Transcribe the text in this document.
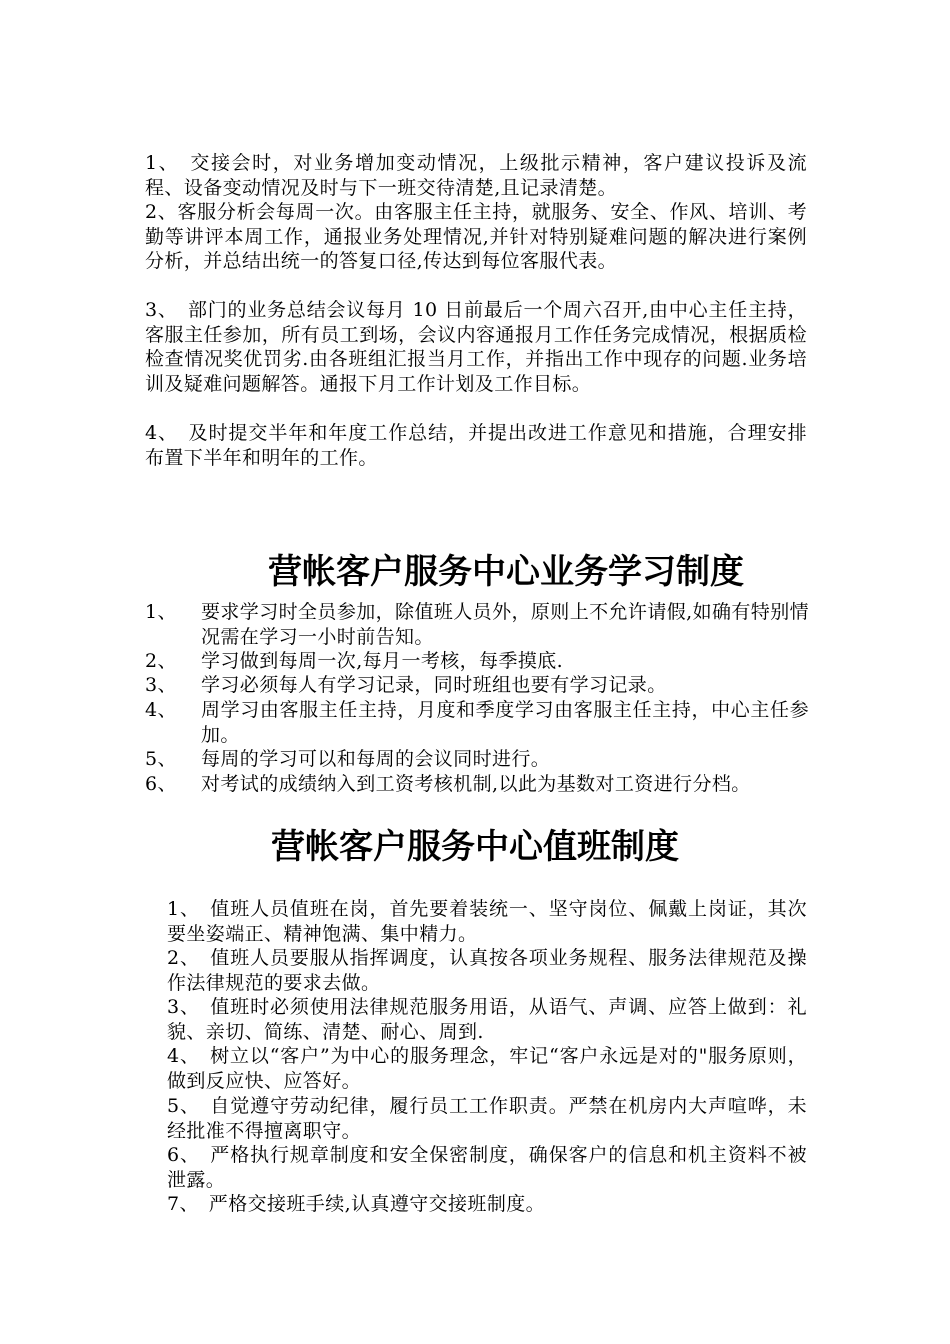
1、　交接会时，对业务增加变动情况，上级批示精神，客户建议投诉及流程、设备变动情况及时与下一班交待清楚,且记录清楚。

2、客服分析会每周一次。由客服主任主持，就服务、安全、作风、培训、考勤等讲评本周工作，通报业务处理情况,并针对特别疑难问题的解决进行案例分析，并总结出统一的答复口径,传达到每位客服代表。

3、　部门的业务总结会议每月 10 日前最后一个周六召开,由中心主任主持，客服主任参加，所有员工到场，会议内容通报月工作任务完成情况，根据质检检查情况奖优罚劣.由各班组汇报当月工作，并指出工作中现存的问题.业务培训及疑难问题解答。通报下月工作计划及工作目标。

4、　及时提交半年和年度工作总结，并提出改进工作意见和措施，合理安排布置下半年和明年的工作。

营帐客户服务中心业务学习制度
1、	要求学习时全员参加，除值班人员外，原则上不允许请假,如确有特别情况需在学习一小时前告知。
2、	学习做到每周一次,每月一考核，每季摸底.
3、	学习必须每人有学习记录，同时班组也要有学习记录。
4、	周学习由客服主任主持，月度和季度学习由客服主任主持，中心主任参加。
5、	每周的学习可以和每周的会议同时进行。
6、	对考试的成绩纳入到工资考核机制,以此为基数对工资进行分档。
营帐客户服务中心值班制度

1、　值班人员值班在岗，首先要着装统一、坚守岗位、佩戴上岗证，其次要坐姿端正、精神饱满、集中精力。

2、　值班人员要服从指挥调度，认真按各项业务规程、服务法律规范及操作法律规范的要求去做。

3、　值班时必须使用法律规范服务用语，从语气、声调、应答上做到：礼貌、亲切、简练、清楚、耐心、周到.

4、　树立以“客户”为中心的服务理念，牢记“客户永远是对的"服务原则，做到反应快、应答好。

5、　自觉遵守劳动纪律，履行员工工作职责。严禁在机房内大声喧哗，未经批准不得擅离职守。

6、　严格执行规章制度和安全保密制度，确保客户的信息和机主资料不被泄露。

7、　严格交接班手续,认真遵守交接班制度。
